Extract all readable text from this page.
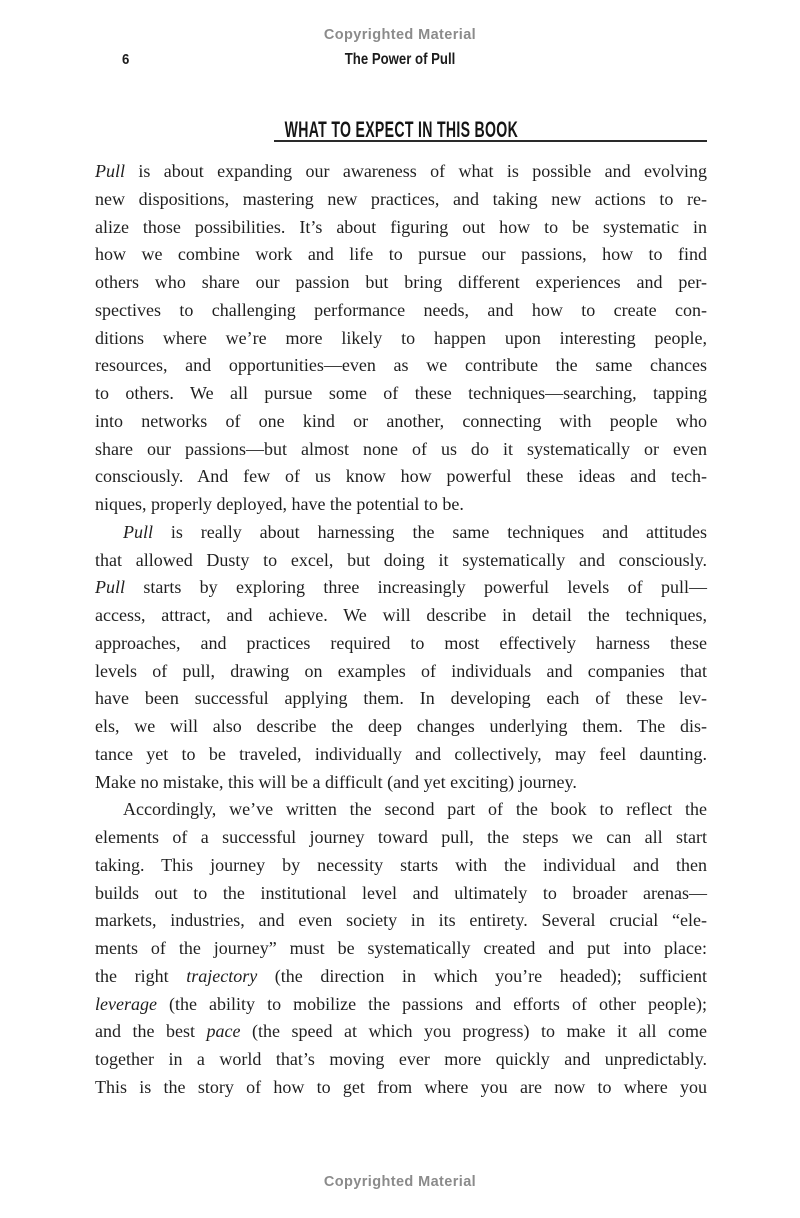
Copyrighted Material
6	The Power of Pull
WHAT TO EXPECT IN THIS BOOK
Pull is about expanding our awareness of what is possible and evolving
new dispositions, mastering new practices, and taking new actions to re-
alize those possibilities. It’s about figuring out how to be systematic in
how we combine work and life to pursue our passions, how to find
others who share our passion but bring different experiences and per-
spectives to challenging performance needs, and how to create con-
ditions where we’re more likely to happen upon interesting people,
resources, and opportunities—even as we contribute the same chances
to others. We all pursue some of these techniques—searching, tapping
into networks of one kind or another, connecting with people who
share our passions—but almost none of us do it systematically or even
consciously. And few of us know how powerful these ideas and tech-
niques, properly deployed, have the potential to be.
Pull is really about harnessing the same techniques and attitudes
that allowed Dusty to excel, but doing it systematically and consciously.
Pull starts by exploring three increasingly powerful levels of pull—
access, attract, and achieve. We will describe in detail the techniques,
approaches, and practices required to most effectively harness these
levels of pull, drawing on examples of individuals and companies that
have been successful applying them. In developing each of these lev-
els, we will also describe the deep changes underlying them. The dis-
tance yet to be traveled, individually and collectively, may feel daunting.
Make no mistake, this will be a difficult (and yet exciting) journey.
Accordingly, we’ve written the second part of the book to reflect the
elements of a successful journey toward pull, the steps we can all start
taking. This journey by necessity starts with the individual and then
builds out to the institutional level and ultimately to broader arenas—
markets, industries, and even society in its entirety. Several crucial “ele-
ments of the journey” must be systematically created and put into place:
the right trajectory (the direction in which you’re headed); sufficient
leverage (the ability to mobilize the passions and efforts of other people);
and the best pace (the speed at which you progress) to make it all come
together in a world that’s moving ever more quickly and unpredictably.
This is the story of how to get from where you are now to where you
Copyrighted Material
